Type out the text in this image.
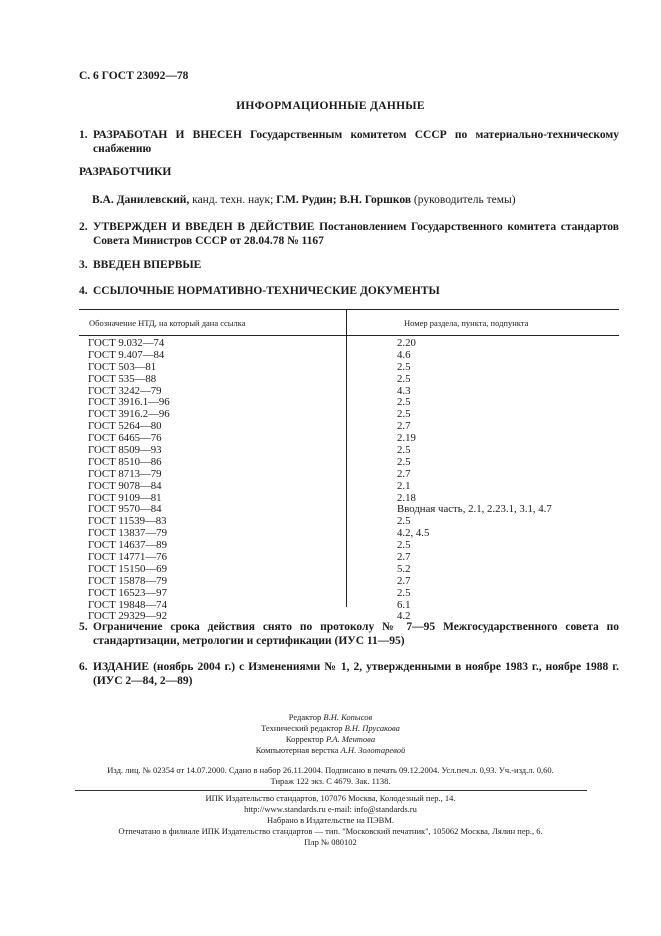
С. 6 ГОСТ 23092—78
ИНФОРМАЦИОННЫЕ ДАННЫЕ
1. РАЗРАБОТАН И ВНЕСЕН Государственным комитетом СССР по материально-техническому снабжению
РАЗРАБОТЧИКИ
В.А. Данилевский, канд. техн. наук; Г.М. Рудин; В.Н. Горшков (руководитель темы)
2. УТВЕРЖДЕН И ВВЕДЕН В ДЕЙСТВИЕ Постановлением Государственного комитета стандартов Совета Министров СССР от 28.04.78 № 1167
3. ВВЕДЕН ВПЕРВЫЕ
4. ССЫЛОЧНЫЕ НОРМАТИВНО-ТЕХНИЧЕСКИЕ ДОКУМЕНТЫ
Обозначение НТД, на который дана ссылка	Номер раздела, пункта, подпункта
ГОСТ 9.032—74	2.20
ГОСТ 9.407—84	4.6
ГОСТ 503—81	2.5
ГОСТ 535—88	2.5
ГОСТ 3242—79	4.3
ГОСТ 3916.1—96	2.5
ГОСТ 3916.2—96	2.5
ГОСТ 5264—80	2.7
ГОСТ 6465—76	2.19
ГОСТ 8509—93	2.5
ГОСТ 8510—86	2.5
ГОСТ 8713—79	2.7
ГОСТ 9078—84	2.1
ГОСТ 9109—81	2.18
ГОСТ 9570—84	Вводная часть, 2.1, 2.23.1, 3.1, 4.7
ГОСТ 11539—83	2.5
ГОСТ 13837—79	4.2, 4.5
ГОСТ 14637—89	2.5
ГОСТ 14771—76	2.7
ГОСТ 15150—69	5.2
ГОСТ 15878—79	2.7
ГОСТ 16523—97	2.5
ГОСТ 19848—74	6.1
ГОСТ 29329—92	4.2
5. Ограничение срока действия снято по протоколу № 7—95 Межгосударственного совета по стандартизации, метрологии и сертификации (ИУС 11—95)
6. ИЗДАНИЕ (ноябрь 2004 г.) с Изменениями № 1, 2, утвержденными в ноябре 1983 г., ноябре 1988 г. (ИУС 2—84, 2—89)
Редактор В.Н. Копысов
Технический редактор В.Н. Прусакова
Корректор Р.А. Ментова
Компьютерная верстка А.Н. Золотаревой
Изд. лиц. № 02354 от 14.07.2000. Сдано в набор 26.11.2004. Подписано в печать 09.12.2004. Усл.печ.л. 0,93. Уч.-изд.л. 0,60.
Тираж 122 экз. С 4679. Зак. 1138.
ИПК Издательство стандартов, 107076 Москва, Колодезный пер., 14.
http://www.standards.ru e-mail: info@standards.ru
Набрано в Издательстве на ПЭВМ.
Отпечатано в филиале ИПК Издательство стандартов — тип. "Московский печатник", 105062 Москва, Лялин пер., 6.
Плр № 080102
